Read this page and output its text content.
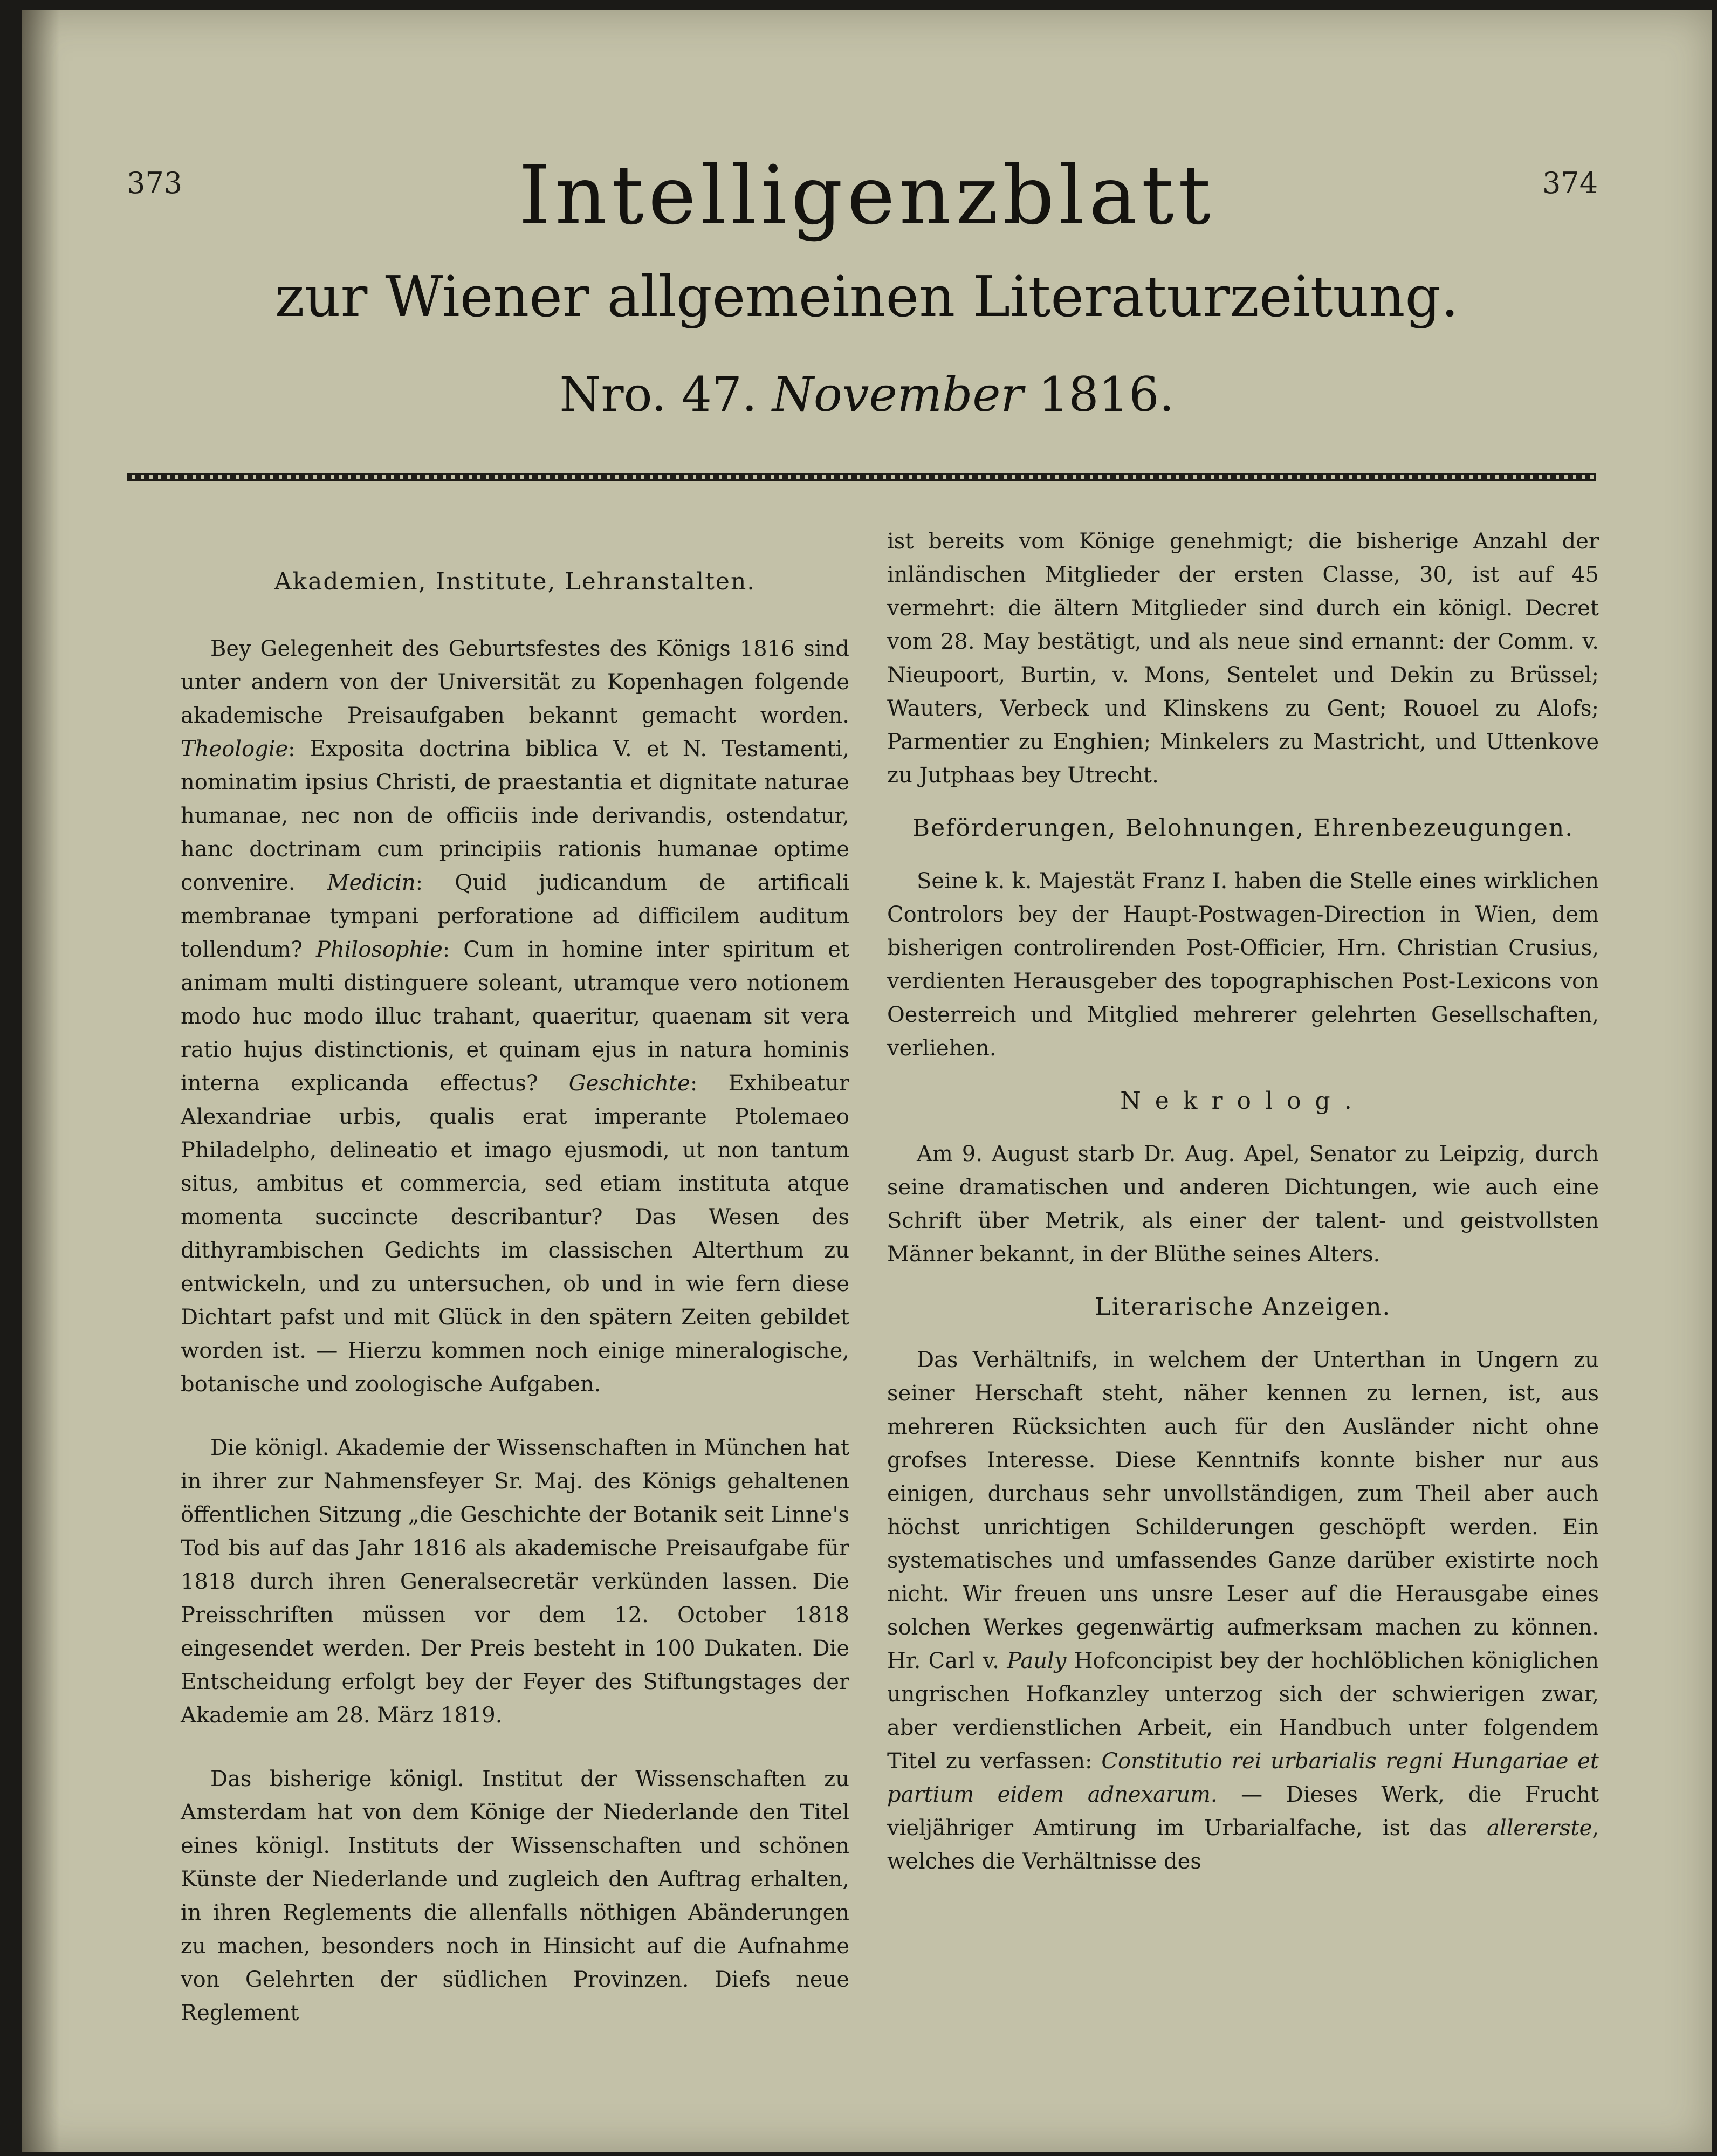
373	374
Intelligenzblatt
zur Wiener allgemeinen Literaturzeitung.
Nro. 47. November 1816.
Akademien, Institute, Lehranstalten.

Bey Gelegenheit des Geburtsfestes des Königs 1816 sind unter andern von der Universität zu Kopenhagen folgende akademische Preisaufgaben bekannt gemacht worden. Theologie: Exposita doctrina biblica V. et N. Testamenti, nominatim ipsius Christi, de praestantia et dignitate naturae humanae, nec non de officiis inde derivandis, ostendatur, hanc doctrinam cum principiis rationis humanae optime convenire. Medicin: Quid judicandum de artificali membranae tympani perforatione ad difficilem auditum tollendum? Philosophie: Cum in homine inter spiritum et animam multi distinguere soleant, utramque vero notionem modo huc modo illuc trahant, quaeritur, quaenam sit vera ratio hujus distinctionis, et quinam ejus in natura hominis interna explicanda effectus? Geschichte: Exhibeatur Alexandriae urbis, qualis erat imperante Ptolemaeo Philadelpho, delineatio et imago ejusmodi, ut non tantum situs, ambitus et commercia, sed etiam instituta atque momenta succincte describantur? Das Wesen des dithyrambischen Gedichts im classischen Alterthum zu entwickeln, und zu untersuchen, ob und in wie fern diese Dichtart pafst und mit Glück in den spätern Zeiten gebildet worden ist. — Hierzu kommen noch einige mineralogische, botanische und zoologische Aufgaben.

Die königl. Akademie der Wissenschaften in München hat in ihrer zur Nahmensfeyer Sr. Maj. des Königs gehaltenen öffentlichen Sitzung „die Geschichte der Botanik seit Linne's Tod bis auf das Jahr 1816 als akademische Preisaufgabe für 1818 durch ihren Generalsecretär verkünden lassen. Die Preisschriften müssen vor dem 12. October 1818 eingesendet werden. Der Preis besteht in 100 Dukaten. Die Entscheidung erfolgt bey der Feyer des Stiftungstages der Akademie am 28. März 1819.

Das bisherige königl. Institut der Wissenschaften zu Amsterdam hat von dem Könige der Niederlande den Titel eines königl. Instituts der Wissenschaften und schönen Künste der Niederlande und zugleich den Auftrag erhalten, in ihren Reglements die allenfalls nöthigen Abänderungen zu machen, besonders noch in Hinsicht auf die Aufnahme von Gelehrten der südlichen Provinzen. Diefs neue Reglement

ist bereits vom Könige genehmigt; die bisherige Anzahl der inländischen Mitglieder der ersten Classe, 30, ist auf 45 vermehrt: die ältern Mitglieder sind durch ein königl. Decret vom 28. May bestätigt, und als neue sind ernannt: der Comm. v. Nieupoort, Burtin, v. Mons, Sentelet und Dekin zu Brüssel; Wauters, Verbeck und Klinskens zu Gent; Rouoel zu Alofs; Parmentier zu Enghien; Minkelers zu Mastricht, und Uttenkove zu Jutphaas bey Utrecht.

Beförderungen, Belohnungen, Ehrenbezeugungen.

Seine k. k. Majestät Franz I. haben die Stelle eines wirklichen Controlors bey der Haupt-Postwagen-Direction in Wien, dem bisherigen controlirenden Post-Officier, Hrn. Christian Crusius, verdienten Herausgeber des topographischen Post-Lexicons von Oesterreich und Mitglied mehrerer gelehrten Gesellschaften, verliehen.

Nekrolog.

Am 9. August starb Dr. Aug. Apel, Senator zu Leipzig, durch seine dramatischen und anderen Dichtungen, wie auch eine Schrift über Metrik, als einer der talent- und geistvollsten Männer bekannt, in der Blüthe seines Alters.

Literarische Anzeigen.

Das Verhältnifs, in welchem der Unterthan in Ungern zu seiner Herschaft steht, näher kennen zu lernen, ist, aus mehreren Rücksichten auch für den Ausländer nicht ohne grofses Interesse. Diese Kenntnifs konnte bisher nur aus einigen, durchaus sehr unvollständigen, zum Theil aber auch höchst unrichtigen Schilderungen geschöpft werden. Ein systematisches und umfassendes Ganze darüber existirte noch nicht. Wir freuen uns unsre Leser auf die Herausgabe eines solchen Werkes gegenwärtig aufmerksam machen zu können. Hr. Carl v. Pauly Hofconcipist bey der hochlöblichen königlichen ungrischen Hofkanzley unterzog sich der schwierigen zwar, aber verdienstlichen Arbeit, ein Handbuch unter folgendem Titel zu verfassen: Constitutio rei urbarialis regni Hungariae et partium eidem adnexarum. — Dieses Werk, die Frucht vieljähriger Amtirung im Urbarialfache, ist das allererste, welches die Verhältnisse des
